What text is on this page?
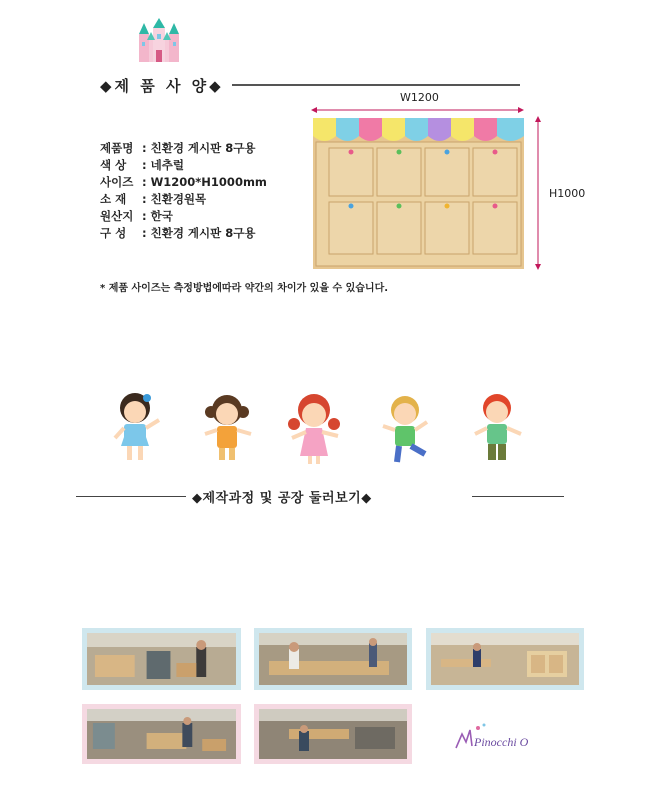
◆제 품 사 양◆
제품명 : 친환경 게시판 8구용
색 상 : 네추럴
사이즈 : W1200*H1000mm
소 재 : 친환경원목
원산지 : 한국
구 성 : 친환경 게시판 8구용
W1200
H1000
* 제품 사이즈는 측정방법에따라 약간의 차이가 있을 수 있습니다.
◆제작과정 및 공장 둘러보기◆
Pinocchi O
